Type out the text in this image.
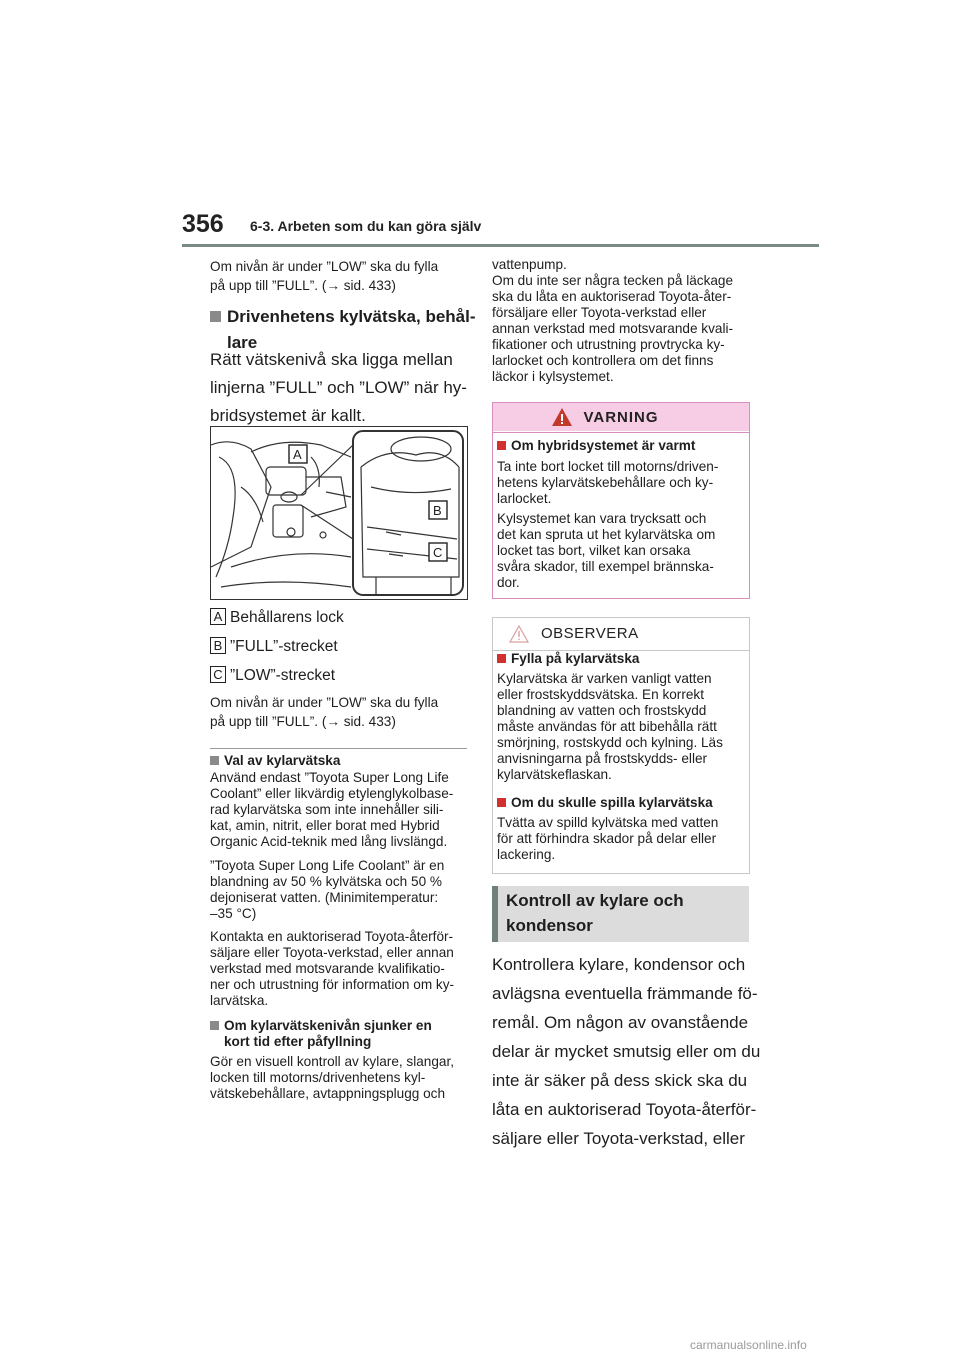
356 6-3. Arbeten som du kan göra själv
Om nivån är under ”LOW” ska du fylla
på upp till ”FULL”. (→ sid. 433)
Drivenhetens kylvätska, behål-
lare
Rätt vätskenivå ska ligga mellan
linjerna ”FULL” och ”LOW” när hy-
bridsystemet är kallt.
A
B
C
A Behållarens lock
B ”FULL”-strecket
C ”LOW”-strecket
Om nivån är under ”LOW” ska du fylla
på upp till ”FULL”. (→ sid. 433)
Val av kylarvätska
Använd endast ”Toyota Super Long Life
Coolant” eller likvärdig etylenglykolbase-
rad kylarvätska som inte innehåller sili-
kat, amin, nitrit, eller borat med Hybrid
Organic Acid-teknik med lång livslängd.
”Toyota Super Long Life Coolant” är en
blandning av 50 % kylvätska och 50 %
dejoniserat vatten. (Minimitemperatur:
–35 °C)
Kontakta en auktoriserad Toyota-återför-
säljare eller Toyota-verkstad, eller annan
verkstad med motsvarande kvalifikatio-
ner och utrustning för information om ky-
larvätska.
Om kylarvätskenivån sjunker en
kort tid efter påfyllning
Gör en visuell kontroll av kylare, slangar,
locken till motorns/drivenhetens kyl-
vätskebehållare, avtappningsplugg och
vattenpump.
Om du inte ser några tecken på läckage
ska du låta en auktoriserad Toyota-åter-
försäljare eller Toyota-verkstad eller
annan verkstad med motsvarande kvali-
fikationer och utrustning provtrycka ky-
larlocket och kontrollera om det finns
läckor i kylsystemet.
VARNING
Om hybridsystemet är varmt
Ta inte bort locket till motorns/driven-
hetens kylarvätskebehållare och ky-
larlocket.
Kylsystemet kan vara trycksatt och
det kan spruta ut het kylarvätska om
locket tas bort, vilket kan orsaka
svåra skador, till exempel brännska-
dor.
OBSERVERA
Fylla på kylarvätska
Kylarvätska är varken vanligt vatten
eller frostskyddsvätska. En korrekt
blandning av vatten och frostskydd
måste användas för att bibehålla rätt
smörjning, rostskydd och kylning. Läs
anvisningarna på frostskydds- eller
kylarvätskeflaskan.
Om du skulle spilla kylarvätska
Tvätta av spilld kylvätska med vatten
för att förhindra skador på delar eller
lackering.
Kontroll av kylare och
kondensor
Kontrollera kylare, kondensor och
avlägsna eventuella främmande fö-
remål. Om någon av ovanstående
delar är mycket smutsig eller om du
inte är säker på dess skick ska du
låta en auktoriserad Toyota-återför-
säljare eller Toyota-verkstad, eller
carmanualsonline.info
